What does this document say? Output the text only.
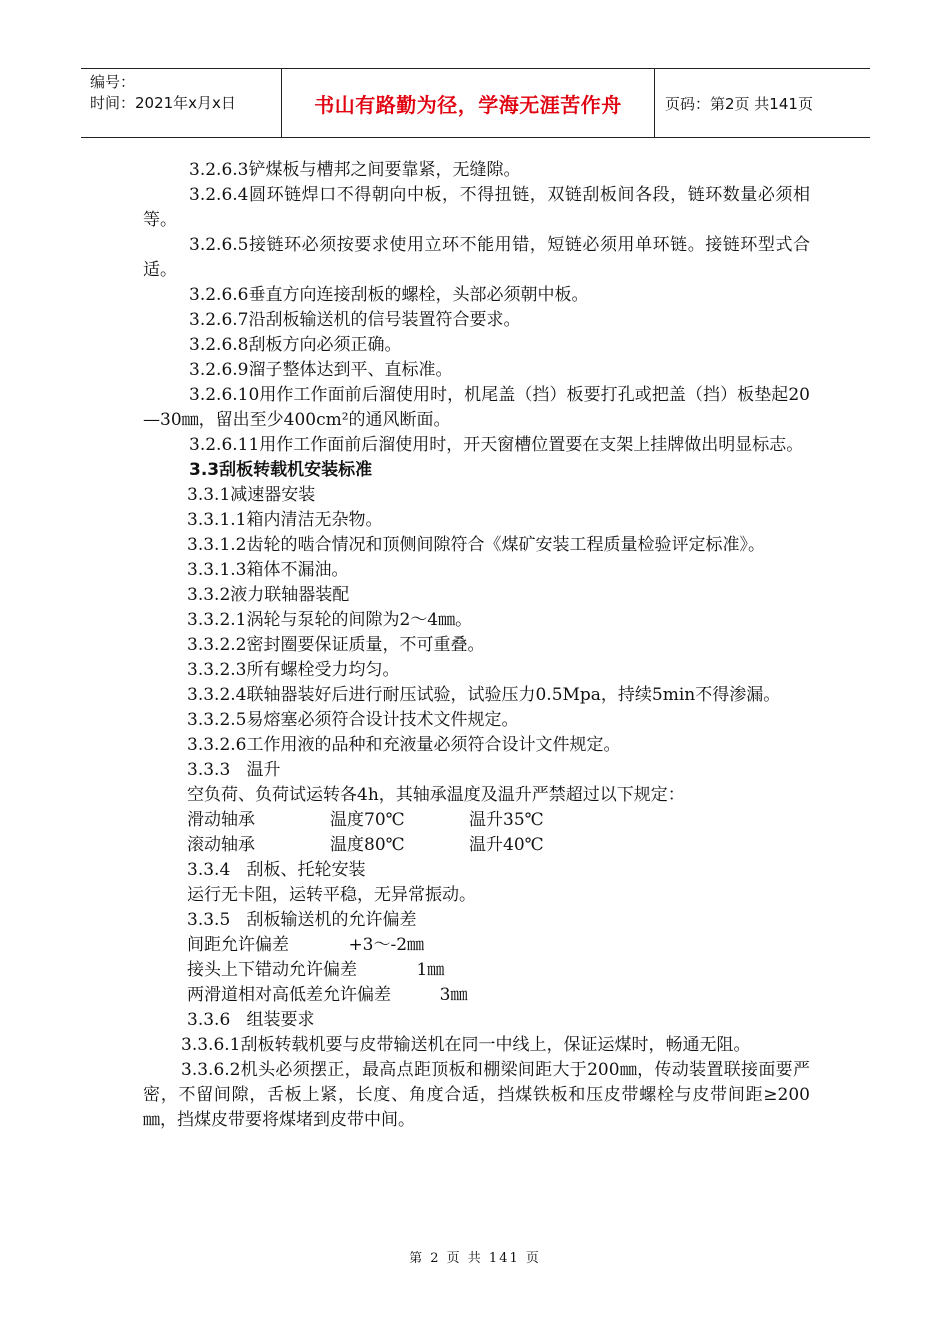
编号：
时间：2021年x月x日	书山有路勤为径，学海无涯苦作舟	页码：第2页 共141页

3.2.6.3铲煤板与槽邦之间要靠紧，无缝隙。

3.2.6.4圆环链焊口不得朝向中板，不得扭链，双链刮板间各段，链环数量必须相等。

3.2.6.5接链环必须按要求使用立环不能用错，短链必须用单环链。接链环型式合适。

3.2.6.6垂直方向连接刮板的螺栓，头部必须朝中板。

3.2.6.7沿刮板输送机的信号装置符合要求。

3.2.6.8刮板方向必须正确。

3.2.6.9溜子整体达到平、直标准。

3.2.6.10用作工作面前后溜使用时，机尾盖（挡）板要打孔或把盖（挡）板垫起20—30㎜，留出至少400cm²的通风断面。

3.2.6.11用作工作面前后溜使用时，开天窗槽位置要在支架上挂牌做出明显标志。

3.3刮板转载机安装标准

3.3.1减速器安装

3.3.1.1箱内清洁无杂物。

3.3.1.2齿轮的啮合情况和顶侧间隙符合《煤矿安装工程质量检验评定标准》。

3.3.1.3箱体不漏油。

3.3.2液力联轴器装配

3.3.2.1涡轮与泵轮的间隙为2～4㎜。

3.3.2.2密封圈要保证质量，不可重叠。

3.3.2.3所有螺栓受力均匀。

3.3.2.4联轴器装好后进行耐压试验，试验压力0.5Mpa，持续5min不得渗漏。

3.3.2.5易熔塞必须符合设计技术文件规定。

3.3.2.6工作用液的品种和充液量必须符合设计文件规定。

3.3.3   温升

空负荷、负荷试运转各4h，其轴承温度及温升严禁超过以下规定：

滑动轴承	温度70℃	温升35℃
滚动轴承	温度80℃	温升40℃

3.3.4   刮板、托轮安装

运行无卡阻，运转平稳，无异常振动。

3.3.5   刮板输送机的允许偏差

间距允许偏差           +3～-2㎜

接头上下错动允许偏差           1㎜

两滑道相对高低差允许偏差         3㎜

3.3.6   组装要求

3.3.6.1刮板转载机要与皮带输送机在同一中线上，保证运煤时，畅通无阻。

3.3.6.2机头必须摆正，最高点距顶板和棚梁间距大于200㎜，传动装置联接面要严密，不留间隙，舌板上紧，长度、角度合适，挡煤铁板和压皮带螺栓与皮带间距≥200㎜，挡煤皮带要将煤堵到皮带中间。

第 2 页 共 141 页
